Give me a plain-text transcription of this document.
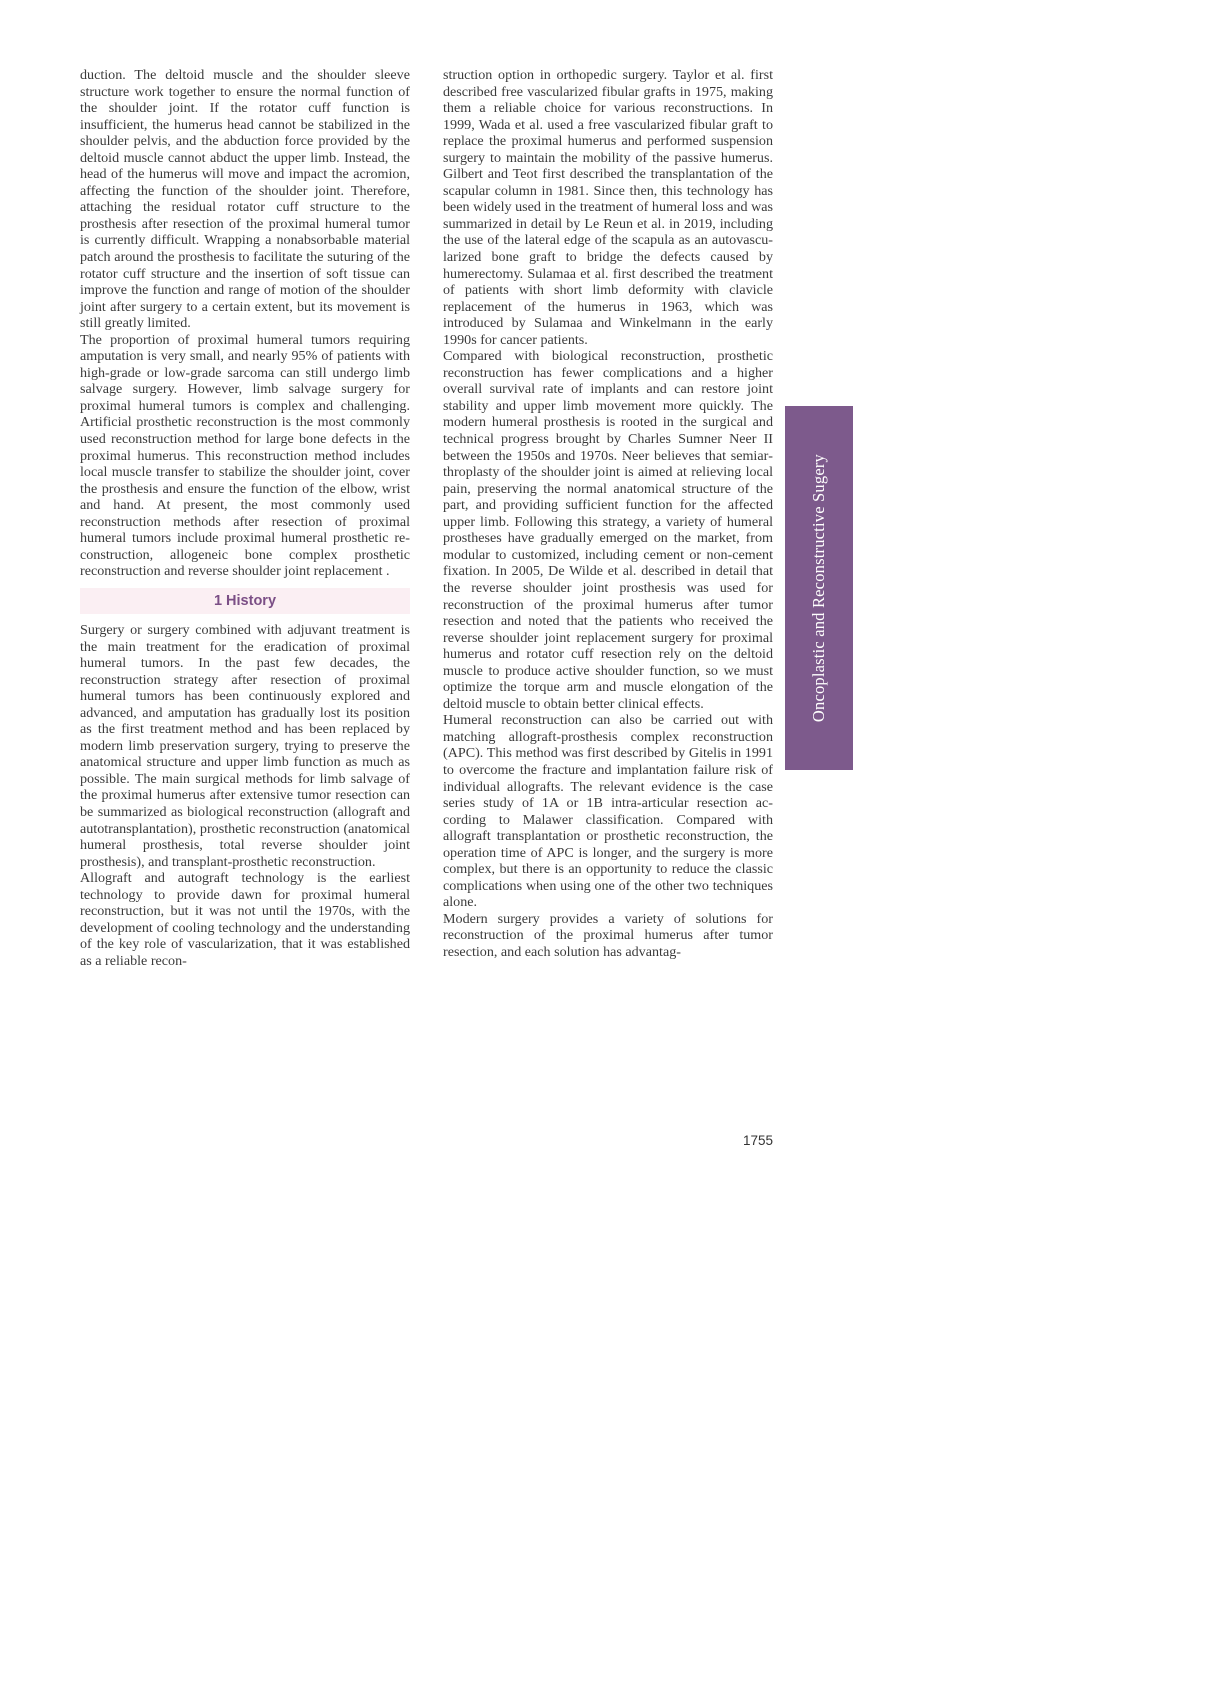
duction. The deltoid muscle and the shoulder sleeve structure work together to ensure the normal function of the shoulder joint. If the rotator cuff function is insufficient, the humerus head cannot be stabilized in the shoulder pelvis, and the abduction force provided by the deltoid muscle cannot abduct the upper limb. Instead, the head of the humerus will move and impact the acromion, affecting the function of the shoulder joint. Therefore, attaching the residual rotator cuff structure to the prosthesis after resection of the proximal humeral tumor is currently difficult. Wrapping a nonabsorbable material patch around the prosthesis to facilitate the suturing of the rotator cuff structure and the insertion of soft tissue can improve the function and range of motion of the shoulder joint after surgery to a certain extent, but its movement is still greatly limited.

The proportion of proximal humeral tumors requiring amputation is very small, and nearly 95% of patients with high-grade or low-grade sarcoma can still undergo limb salvage surgery. However, limb salvage surgery for proximal humeral tumors is complex and challenging. Artificial prosthetic reconstruction is the most commonly used reconstruction method for large bone defects in the proximal humerus. This reconstruction method includes local muscle transfer to stabilize the shoulder joint, cover the prosthesis and ensure the function of the elbow, wrist and hand. At present, the most commonly used reconstruction methods after resection of proximal humeral tumors include proximal humeral prosthetic reconstruction, allogeneic bone complex prosthetic reconstruction and reverse shoulder joint replacement .

1 History

Surgery or surgery combined with adjuvant treatment is the main treatment for the eradication of proximal humeral tumors. In the past few decades, the reconstruction strategy after resection of proximal humeral tumors has been continuously explored and advanced, and amputation has gradually lost its position as the first treatment method and has been replaced by modern limb preservation surgery, trying to preserve the anatomical structure and upper limb function as much as possible. The main surgical methods for limb salvage of the proximal humerus after extensive tumor resection can be summarized as biological reconstruction (allograft and autotransplantation), prosthetic reconstruction (anatomical humeral prosthesis, total reverse shoulder joint prosthesis), and transplant-prosthetic reconstruction.

Allograft and autograft technology is the earliest technology to provide dawn for proximal humeral reconstruction, but it was not until the 1970s, with the development of cooling technology and the understanding of the key role of vascularization, that it was established as a reliable recon-

struction option in orthopedic surgery. Taylor et al. first described free vascularized fibular grafts in 1975, making them a reliable choice for various reconstructions. In 1999, Wada et al. used a free vascularized fibular graft to replace the proximal humerus and performed suspension surgery to maintain the mobility of the passive humerus. Gilbert and Teot first described the transplantation of the scapular column in 1981. Since then, this technology has been widely used in the treatment of humeral loss and was summarized in detail by Le Reun et al. in 2019, including the use of the lateral edge of the scapula as an autovascularized bone graft to bridge the defects caused by humerectomy. Sulamaa et al. first described the treatment of patients with short limb deformity with clavicle replacement of the humerus in 1963, which was introduced by Sulamaa and Winkelmann in the early 1990s for cancer patients.

Compared with biological reconstruction, prosthetic reconstruction has fewer complications and a higher overall survival rate of implants and can restore joint stability and upper limb movement more quickly. The modern humeral prosthesis is rooted in the surgical and technical progress brought by Charles Sumner Neer II between the 1950s and 1970s. Neer believes that semiarthroplasty of the shoulder joint is aimed at relieving local pain, preserving the normal anatomical structure of the part, and providing sufficient function for the affected upper limb. Following this strategy, a variety of humeral prostheses have gradually emerged on the market, from modular to customized, including cement or non-cement fixation. In 2005, De Wilde et al. described in detail that the reverse shoulder joint prosthesis was used for reconstruction of the proximal humerus after tumor resection and noted that the patients who received the reverse shoulder joint replacement surgery for proximal humerus and rotator cuff resection rely on the deltoid muscle to produce active shoulder function, so we must optimize the torque arm and muscle elongation of the deltoid muscle to obtain better clinical effects.

Humeral reconstruction can also be carried out with matching allograft-prosthesis complex reconstruction (APC). This method was first described by Gitelis in 1991 to overcome the fracture and implantation failure risk of individual allografts. The relevant evidence is the case series study of 1A or 1B intra-articular resection according to Malawer classification. Compared with allograft transplantation or prosthetic reconstruction, the operation time of APC is longer, and the surgery is more complex, but there is an opportunity to reduce the classic complications when using one of the other two techniques alone.

Modern surgery provides a variety of solutions for reconstruction of the proximal humerus after tumor resection, and each solution has advantag-

Oncoplastic and Reconstructive Sugery
1755
